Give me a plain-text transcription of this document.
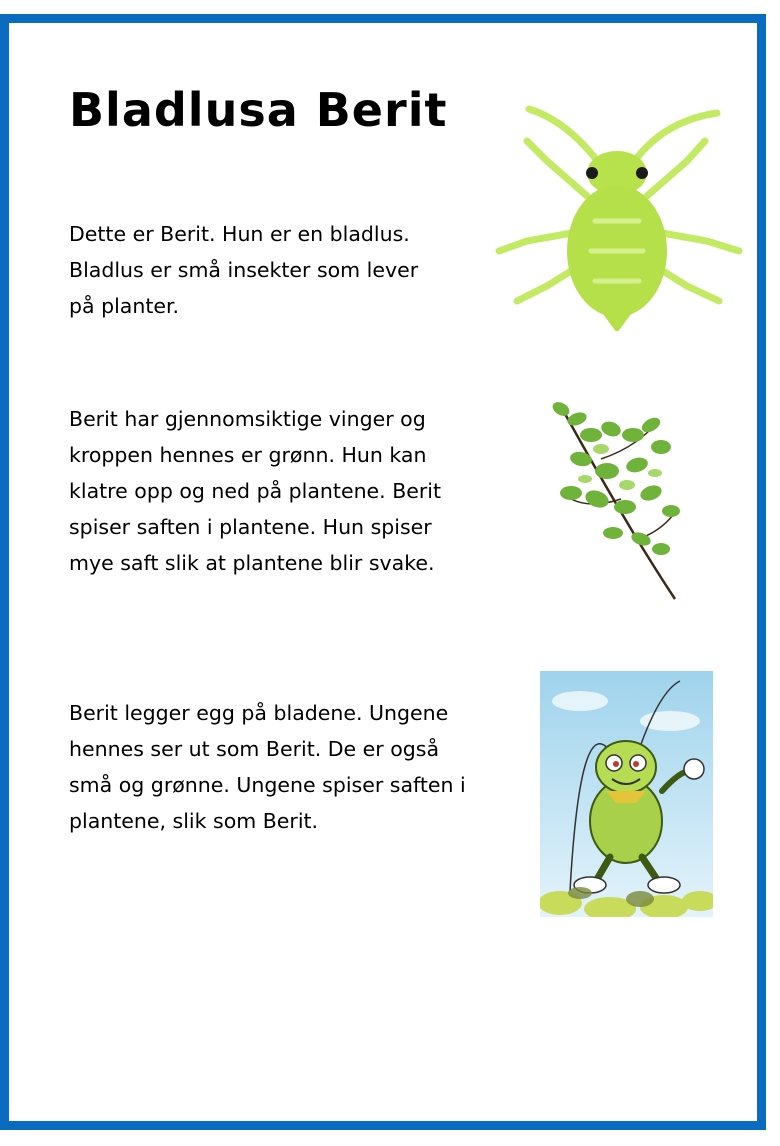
Bladlusa Berit

Dette er Berit. Hun er en bladlus.
Bladlus er små insekter som lever
på planter.

Berit har gjennomsiktige vinger og
kroppen hennes er grønn. Hun kan
klatre opp og ned på plantene. Berit
spiser saften i plantene. Hun spiser
mye saft slik at plantene blir svake.

Berit legger egg på bladene. Ungene
hennes ser ut som Berit. De er også
små og grønne. Ungene spiser saften i
plantene, slik som Berit.
